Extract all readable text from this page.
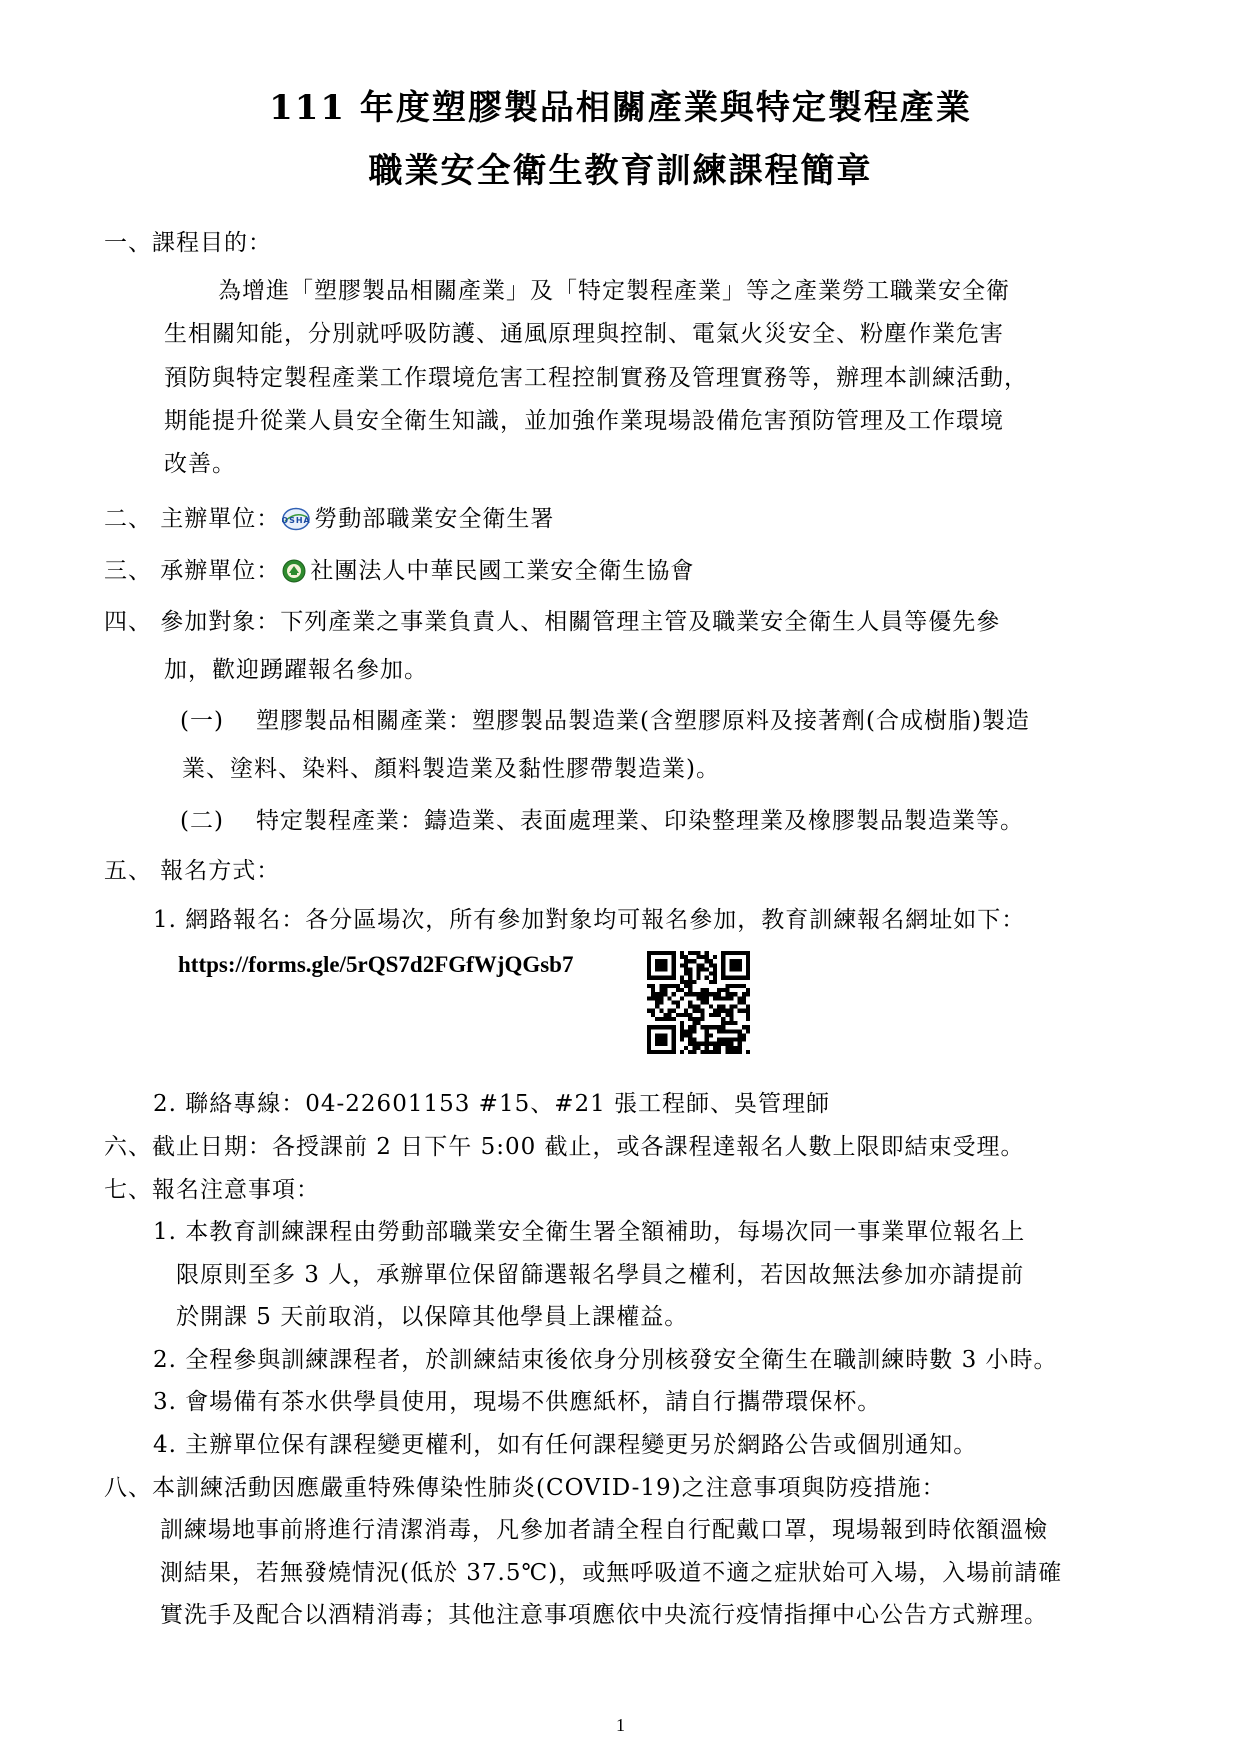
111 年度塑膠製品相關產業與特定製程產業
職業安全衛生教育訓練課程簡章
一、課程目的：
為增進「塑膠製品相關產業」及「特定製程產業」等之產業勞工職業安全衛
生相關知能，分別就呼吸防護、通風原理與控制、電氣火災安全、粉塵作業危害
預防與特定製程產業工作環境危害工程控制實務及管理實務等，辦理本訓練活動，
期能提升從業人員安全衛生知識，並加強作業現場設備危害預防管理及工作環境
改善。
二、 主辦單位： OSHA 勞動部職業安全衛生署
三、 承辦單位： 社團法人中華民國工業安全衛生協會
四、 參加對象：下列產業之事業負責人、相關管理主管及職業安全衛生人員等優先參
加，歡迎踴躍報名參加。
(一) 塑膠製品相關產業：塑膠製品製造業(含塑膠原料及接著劑(合成樹脂)製造
業、塗料、染料、顏料製造業及黏性膠帶製造業)。
(二) 特定製程產業：鑄造業、表面處理業、印染整理業及橡膠製品製造業等。
五、 報名方式：
1. 網路報名：各分區場次，所有參加對象均可報名參加，教育訓練報名網址如下：
https://forms.gle/5rQS7d2FGfWjQGsb7
2. 聯絡專線：04-22601153 #15、#21 張工程師、吳管理師
六、截止日期：各授課前 2 日下午 5:00 截止，或各課程達報名人數上限即結束受理。
七、報名注意事項：
1. 本教育訓練課程由勞動部職業安全衛生署全額補助，每場次同一事業單位報名上
限原則至多 3 人，承辦單位保留篩選報名學員之權利，若因故無法參加亦請提前
於開課 5 天前取消，以保障其他學員上課權益。
2. 全程參與訓練課程者，於訓練結束後依身分別核發安全衛生在職訓練時數 3 小時。
3. 會場備有茶水供學員使用，現場不供應紙杯，請自行攜帶環保杯。
4. 主辦單位保有課程變更權利，如有任何課程變更另於網路公告或個別通知。
八、本訓練活動因應嚴重特殊傳染性肺炎(COVID-19)之注意事項與防疫措施：
訓練場地事前將進行清潔消毒，凡參加者請全程自行配戴口罩，現場報到時依額溫檢
測結果，若無發燒情況(低於 37.5℃)，或無呼吸道不適之症狀始可入場，入場前請確
實洗手及配合以酒精消毒；其他注意事項應依中央流行疫情指揮中心公告方式辦理。
1
